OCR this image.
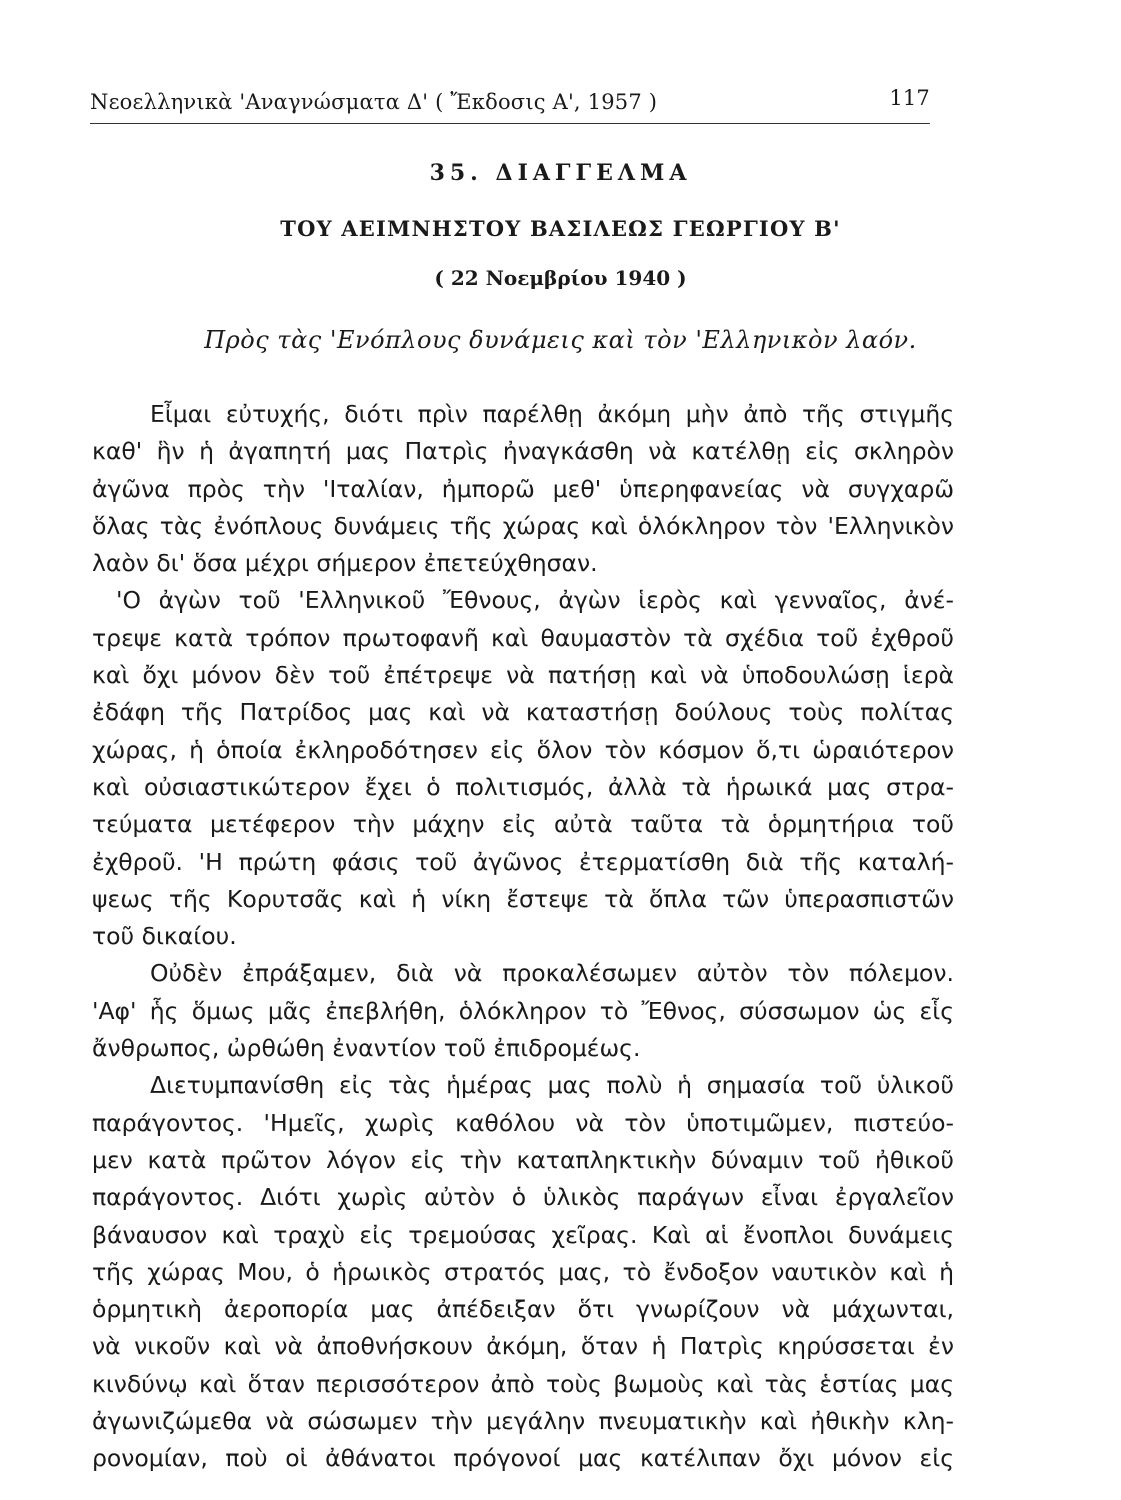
Νεοελληνικὰ 'Αναγνώσματα Δ' ( Ἔκδοσις Α', 1957 )	117
35. ΔΙΑΓΓΕΛΜΑ
ΤΟΥ ΑΕΙΜΝΗΣΤΟΥ ΒΑΣΙΛΕΩΣ ΓΕΩΡΓΙΟΥ Β'
( 22 Νοεμβρίου 1940 )
Πρὸς τὰς 'Ενόπλους δυνάμεις καὶ τὸν 'Ελληνικὸν λαόν.
Εἶμαι εὐτυχής, διότι πρὶν παρέλθῃ ἀκόμη μὴν ἀπὸ τῆς στιγμῆς
καθ' ἣν ἡ ἀγαπητή μας Πατρὶς ἠναγκάσθη νὰ κατέλθῃ εἰς σκληρὸν
ἀγῶνα πρὸς τὴν 'Ιταλίαν, ἠμπορῶ μεθ' ὑπερηφανείας νὰ συγχαρῶ
ὅλας τὰς ἐνόπλους δυνάμεις τῆς χώρας καὶ ὁλόκληρον τὸν 'Ελληνικὸν
λαὸν δι' ὅσα μέχρι σήμερον ἐπετεύχθησαν.
'Ο ἀγὼν τοῦ 'Ελληνικοῦ Ἔθνους, ἀγὼν ἱερὸς καὶ γενναῖος, ἀνέ-
τρεψε κατὰ τρόπον πρωτοφανῆ καὶ θαυμαστὸν τὰ σχέδια τοῦ ἐχθροῦ
καὶ ὄχι μόνον δὲν τοῦ ἐπέτρεψε νὰ πατήσῃ καὶ νὰ ὑποδουλώσῃ ἱερὰ
ἐδάφη τῆς Πατρίδος μας καὶ νὰ καταστήσῃ δούλους τοὺς πολίτας
χώρας, ἡ ὁποία ἐκληροδότησεν εἰς ὅλον τὸν κόσμον ὅ,τι ὡραιότερον
καὶ οὐσιαστικώτερον ἔχει ὁ πολιτισμός, ἀλλὰ τὰ ἡρωικά μας στρα-
τεύματα μετέφερον τὴν μάχην εἰς αὐτὰ ταῦτα τὰ ὁρμητήρια τοῦ
ἐχθροῦ. 'Η πρώτη φάσις τοῦ ἀγῶνος ἐτερματίσθη διὰ τῆς καταλή-
ψεως τῆς Κορυτσᾶς καὶ ἡ νίκη ἔστεψε τὰ ὅπλα τῶν ὑπερασπιστῶν
τοῦ δικαίου.
Οὐδὲν ἐπράξαμεν, διὰ νὰ προκαλέσωμεν αὐτὸν τὸν πόλεμον.
'Αφ' ἧς ὅμως μᾶς ἐπεβλήθη, ὁλόκληρον τὸ Ἔθνος, σύσσωμον ὡς εἷς
ἄνθρωπος, ὠρθώθη ἐναντίον τοῦ ἐπιδρομέως.
Διετυμπανίσθη εἰς τὰς ἡμέρας μας πολὺ ἡ σημασία τοῦ ὑλικοῦ
παράγοντος. 'Ημεῖς, χωρὶς καθόλου νὰ τὸν ὑποτιμῶμεν, πιστεύο-
μεν κατὰ πρῶτον λόγον εἰς τὴν καταπληκτικὴν δύναμιν τοῦ ἠθικοῦ
παράγοντος. Διότι χωρὶς αὐτὸν ὁ ὑλικὸς παράγων εἶναι ἐργαλεῖον
βάναυσον καὶ τραχὺ εἰς τρεμούσας χεῖρας. Καὶ αἱ ἔνοπλοι δυνάμεις
τῆς χώρας Μου, ὁ ἡρωικὸς στρατός μας, τὸ ἔνδοξον ναυτικὸν καὶ ἡ
ὁρμητικὴ ἀεροπορία μας ἀπέδειξαν ὅτι γνωρίζουν νὰ μάχωνται,
νὰ νικοῦν καὶ νὰ ἀποθνήσκουν ἀκόμη, ὅταν ἡ Πατρὶς κηρύσσεται ἐν
κινδύνῳ καὶ ὅταν περισσότερον ἀπὸ τοὺς βωμοὺς καὶ τὰς ἑστίας μας
ἀγωνιζώμεθα νὰ σώσωμεν τὴν μεγάλην πνευματικὴν καὶ ἠθικὴν κλη-
ρονομίαν, ποὺ οἱ ἀθάνατοι πρόγονοί μας κατέλιπαν ὄχι μόνον εἰς
